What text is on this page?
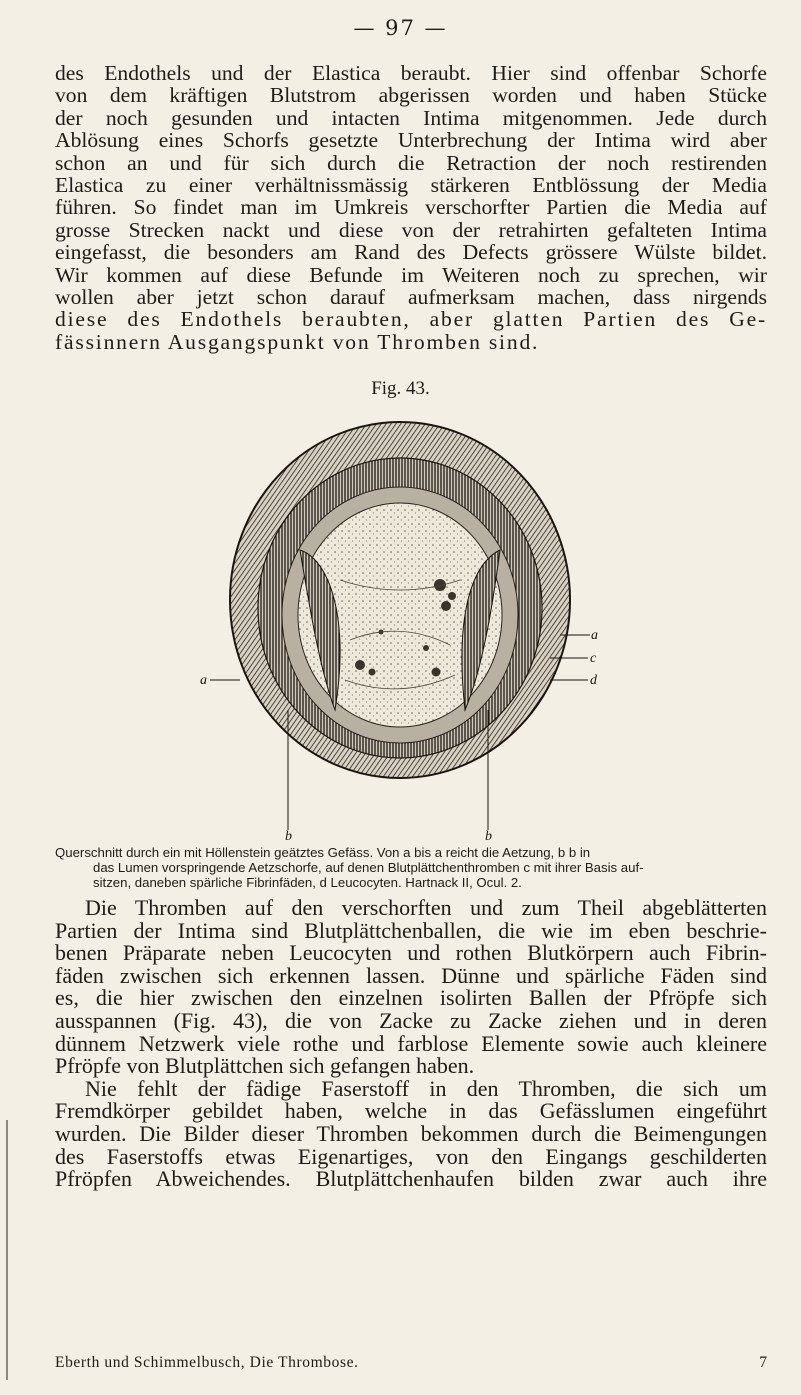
— 97 —
des Endothels und der Elastica beraubt. Hier sind offenbar Schorfe
von dem kräftigen Blutstrom abgerissen worden und haben Stücke
der noch gesunden und intacten Intima mitgenommen. Jede durch
Ablösung eines Schorfs gesetzte Unterbrechung der Intima wird aber
schon an und für sich durch die Retraction der noch restirenden
Elastica zu einer verhältnissmässig stärkeren Entblössung der Media
führen. So findet man im Umkreis verschorfter Partien die Media auf
grosse Strecken nackt und diese von der retrahirten gefalteten Intima
eingefasst, die besonders am Rand des Defects grössere Wülste bildet.
Wir kommen auf diese Befunde im Weiteren noch zu sprechen, wir
wollen aber jetzt schon darauf aufmerksam machen, dass nirgends
diese des Endothels beraubten, aber glatten Partien des Ge-
fässinnern Ausgangspunkt von Thromben sind.
Fig. 43.
a
a
c
d
b	b
Querschnitt durch ein mit Höllenstein geätztes Gefäss. Von a bis a reicht die Aetzung, b b in
das Lumen vorspringende Aetzschorfe, auf denen Blutplättchenthromben c mit ihrer Basis auf-
sitzen, daneben spärliche Fibrinfäden, d Leucocyten. Hartnack II, Ocul. 2.
Die Thromben auf den verschorften und zum Theil abgeblätterten
Partien der Intima sind Blutplättchenballen, die wie im eben beschrie-
benen Präparate neben Leucocyten und rothen Blutkörpern auch Fibrin-
fäden zwischen sich erkennen lassen. Dünne und spärliche Fäden sind
es, die hier zwischen den einzelnen isolirten Ballen der Pfröpfe sich
ausspannen (Fig. 43), die von Zacke zu Zacke ziehen und in deren
dünnem Netzwerk viele rothe und farblose Elemente sowie auch kleinere
Pfröpfe von Blutplättchen sich gefangen haben.
Nie fehlt der fädige Faserstoff in den Thromben, die sich um
Fremdkörper gebildet haben, welche in das Gefässlumen eingeführt
wurden. Die Bilder dieser Thromben bekommen durch die Beimengungen
des Faserstoffs etwas Eigenartiges, von den Eingangs geschilderten
Pfröpfen Abweichendes. Blutplättchenhaufen bilden zwar auch ihre
Eberth und Schimmelbusch, Die Thrombose.	7
